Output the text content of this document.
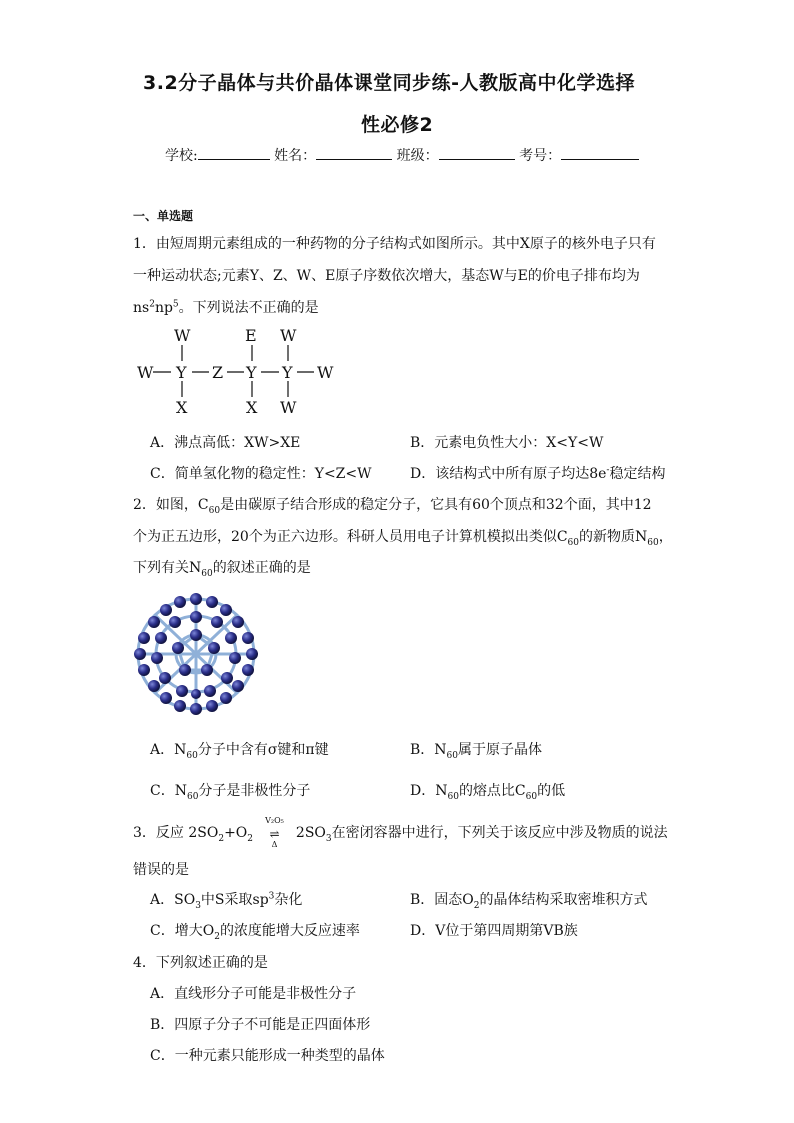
3.2分子晶体与共价晶体课堂同步练-人教版高中化学选择
性必修2
学校:	姓名：	班级：	考号：
一、单选题
1．由短周期元素组成的一种药物的分子结构式如图所示。其中X原子的核外电子只有
一种运动状态;元素Y、Z、W、E原子序数依次增大，基态W与E的价电子排布均为
$ns^2np^5$。下列说法不正确的是
W	E W
W Y Z Y Y W
X	X W
A．沸点高低：XW>XE	B．元素电负性大小：X<Y<W
C．简单氢化物的稳定性：Y<Z<W	D．该结构式中所有原子均达8e-稳定结构
2．如图，$C_{60}$是由碳原子结合形成的稳定分子，它具有60个顶点和32个面，其中12
个为正五边形，20个为正六边形。科研人员用电子计算机模拟出类似$C_{60}$的新物质$N_{60}$，
下列有关$N_{60}$的叙述正确的是
A．$N_{60}$分子中含有σ键和π键	B．$N_{60}$属于原子晶体
C．$N_{60}$分子是非极性分子	D．$N_{60}$的熔点比$C_{60}$的低
3．反应 $2SO_2+O_2$
V₂O₅
⇌
Δ
$2SO_3$在密闭容器中进行，下列关于该反应中涉及物质的说法
错误的是
A．$SO_3$中S采取$sp^3$杂化	B．固态$O_2$的晶体结构采取密堆积方式
C．增大$O_2$的浓度能增大反应速率	D．V位于第四周期第VB族
4．下列叙述正确的是
A．直线形分子可能是非极性分子
B．四原子分子不可能是正四面体形
C．一种元素只能形成一种类型的晶体
